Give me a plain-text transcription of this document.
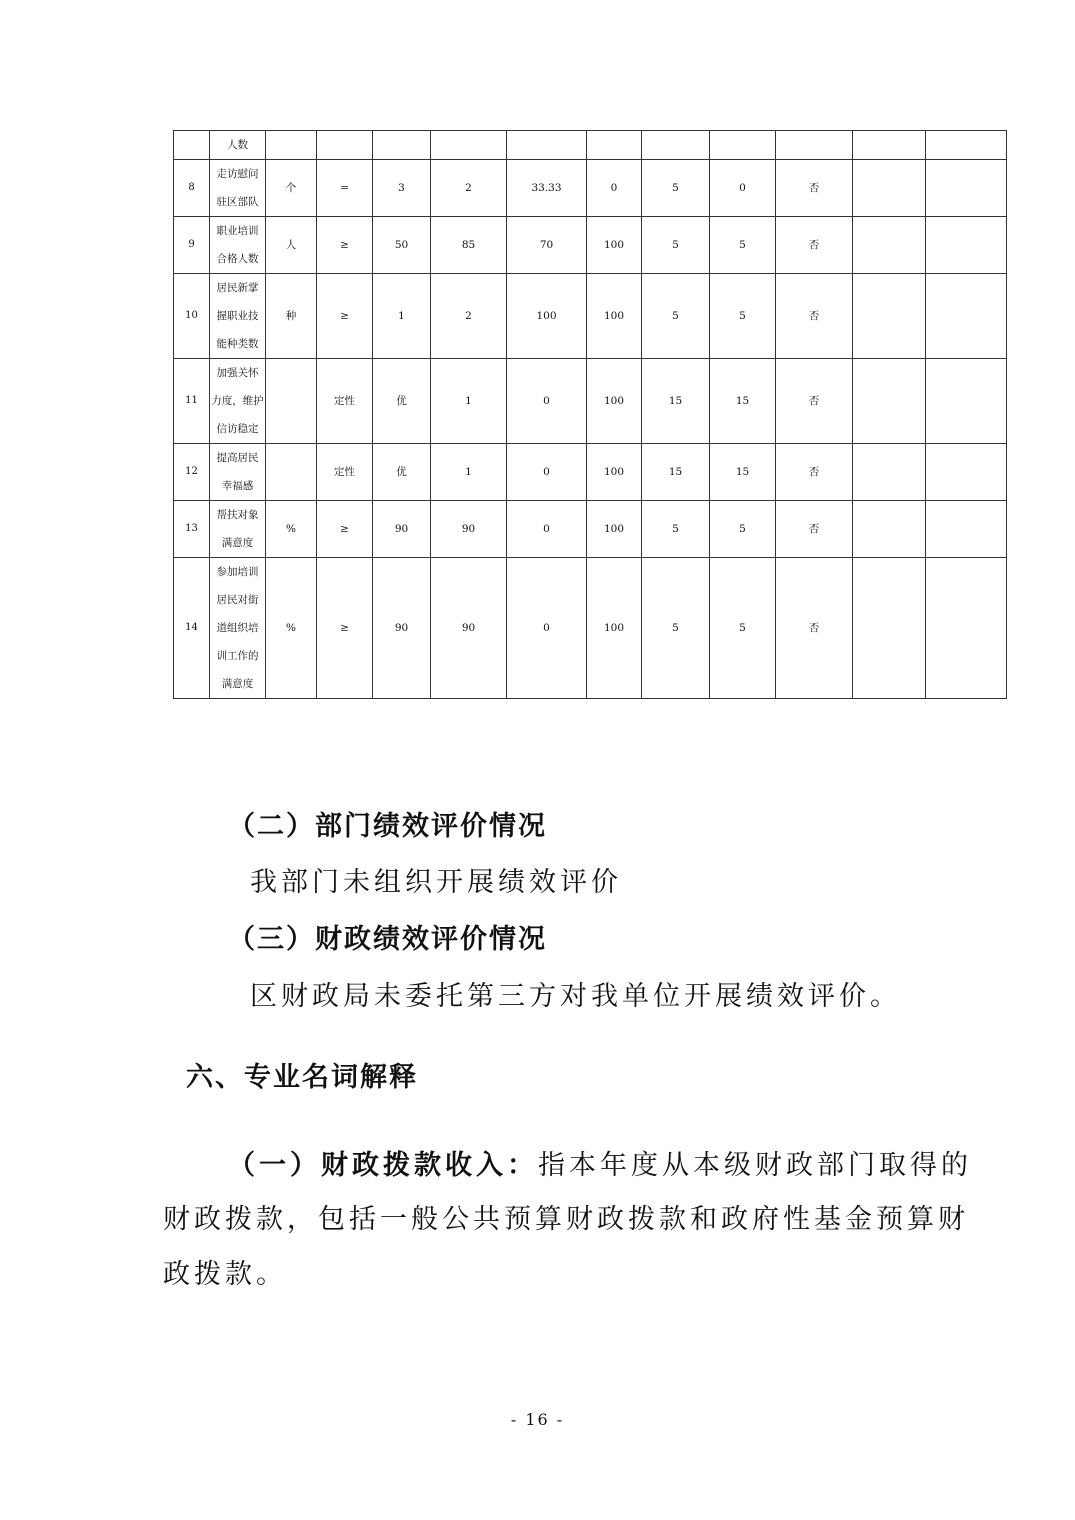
	人数											

8	走访慰问
驻区部队	个	=	3	2	33.33	0	5	0	否		
9	职业培训
合格人数	人	≥	50	85	70	100	5	5	否		
10	居民新掌
握职业技
能种类数	种	≥	1	2	100	100	5	5	否		
11	加强关怀
力度，维护
信访稳定		定性	优	1	0	100	15	15	否		
12	提高居民
幸福感		定性	优	1	0	100	15	15	否		
13	帮扶对象
满意度	%	≥	90	90	0	100	5	5	否		
14	参加培训
居民对街
道组织培
训工作的
满意度	%	≥	90	90	0	100	5	5	否		
（二）部门绩效评价情况
我部门未组织开展绩效评价
（三）财政绩效评价情况
区财政局未委托第三方对我单位开展绩效评价。
六、专业名词解释
（一）财政拨款收入：指本年度从本级财政部门取得的
财政拨款，包括一般公共预算财政拨款和政府性基金预算财
政拨款。
- 16 -
